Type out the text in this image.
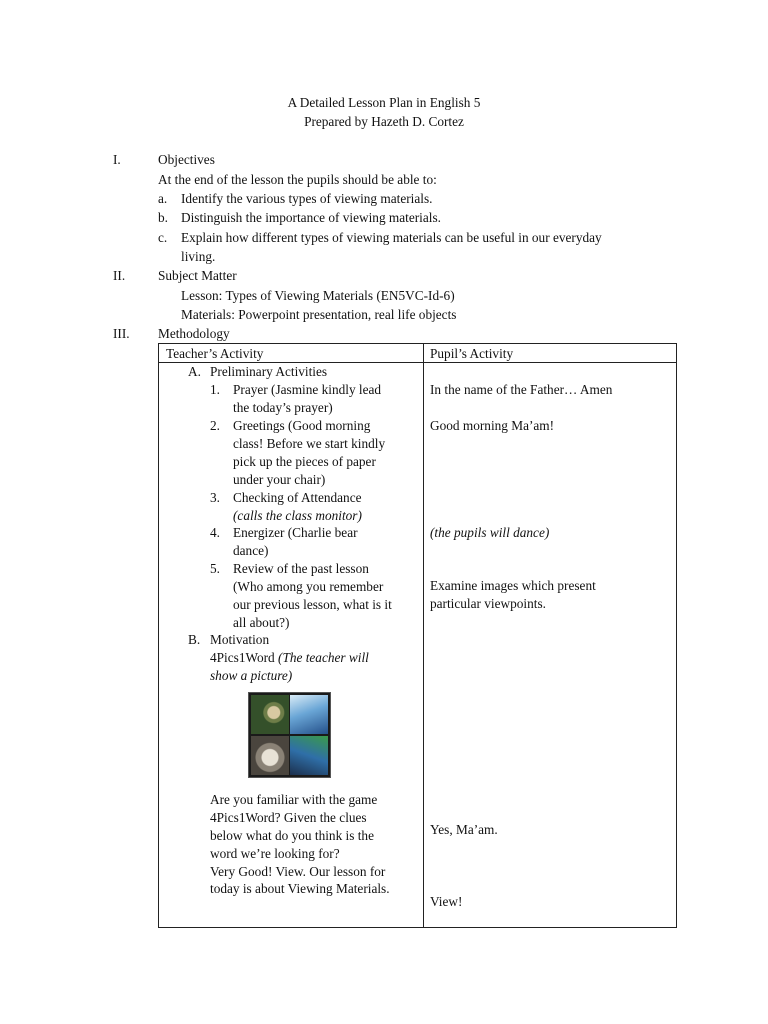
A Detailed Lesson Plan in English 5
Prepared by Hazeth D. Cortez
I.	Objectives
At the end of the lesson the pupils should be able to:
a. Identify the various types of viewing materials.
b. Distinguish the importance of viewing materials.
c. Explain how different types of viewing materials can be useful in our everyday
living.
II. Subject Matter
Lesson: Types of Viewing Materials (EN5VC-Id-6)
Materials: Powerpoint presentation, real life objects
III. Methodology
Teacher’s Activity	Pupil’s Activity
A. Preliminary Activities
1. Prayer (Jasmine kindly lead
the today’s prayer)
2. Greetings (Good morning
class! Before we start kindly
pick up the pieces of paper
under your chair)
3. Checking of Attendance
(calls the class monitor)
4. Energizer (Charlie bear
dance)
5. Review of the past lesson
(Who among you remember
our previous lesson, what is it
all about?)
B. Motivation
4Pics1Word (The teacher will
show a picture)
Are you familiar with the game
4Pics1Word? Given the clues
below what do you think is the
word we’re looking for?
Very Good! View. Our lesson for
today is about Viewing Materials.
In the name of the Father… Amen
Good morning Ma’am!
(the pupils will dance)
Examine images which present
particular viewpoints.
Yes, Ma’am.
View!
